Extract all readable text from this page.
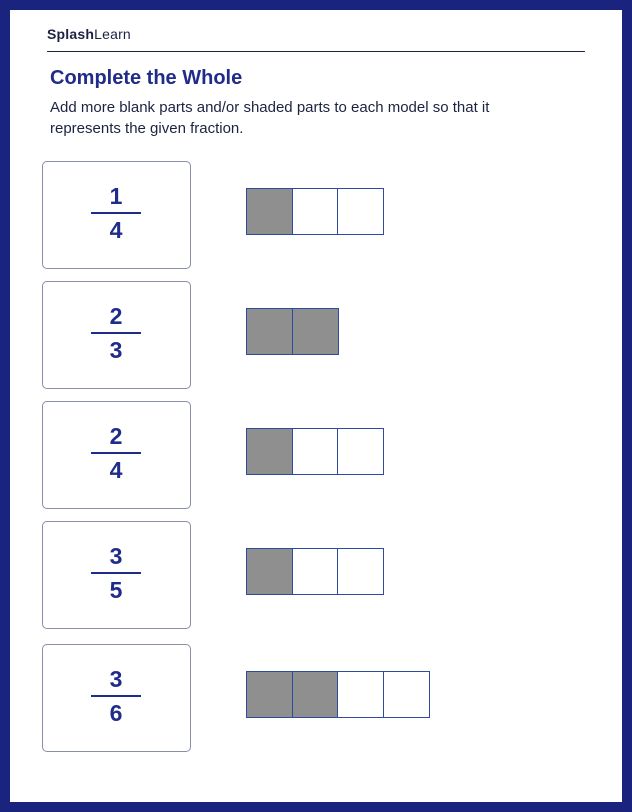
SplashLearn
Complete the Whole
Add more blank parts and/or shaded parts to each model so that it represents the given fraction.
1
4
2
3
2
4
3
5
3
6
